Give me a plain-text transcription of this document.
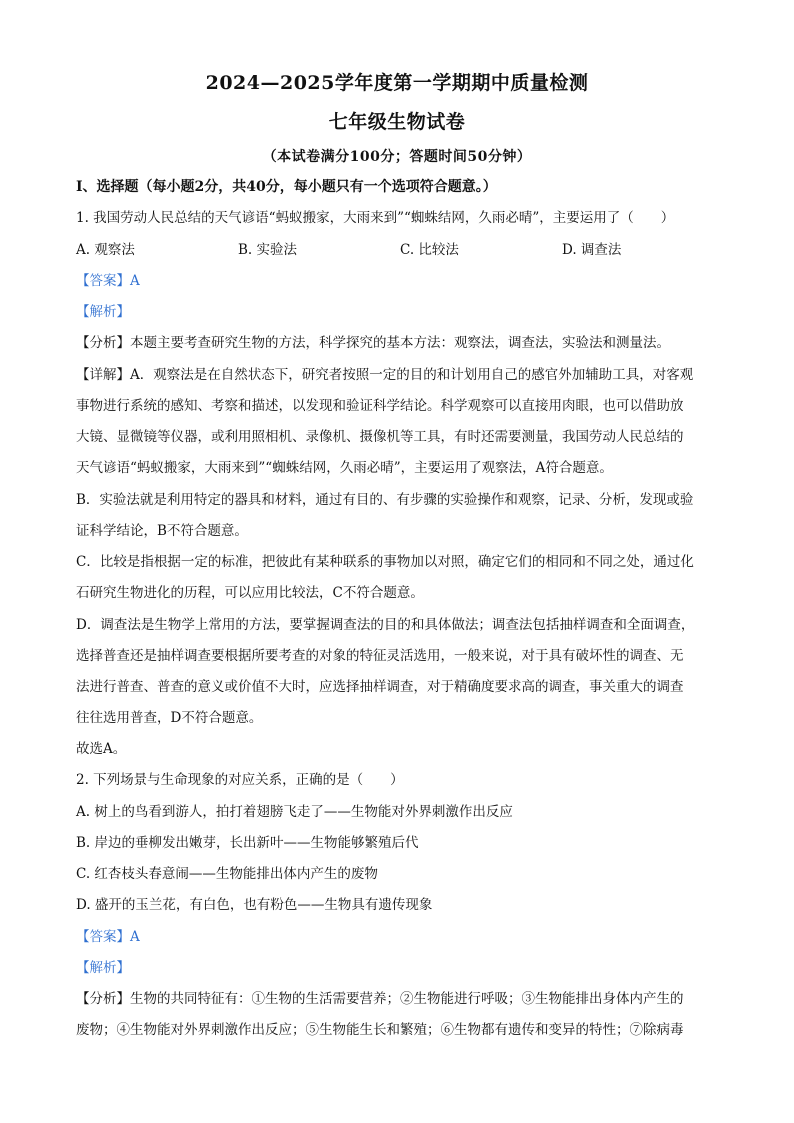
2024—2025学年度第一学期期中质量检测
七年级生物试卷
（本试卷满分100分；答题时间50分钟）
Ⅰ、选择题（每小题2分，共40分，每小题只有一个选项符合题意。）
1. 我国劳动人民总结的天气谚语“蚂蚁搬家，大雨来到”“蜘蛛结网，久雨必晴”，主要运用了（　　）
A. 观察法	B. 实验法	C. 比较法	D. 调查法
【答案】A
【解析】
【分析】本题主要考查研究生物的方法，科学探究的基本方法：观察法，调查法，实验法和测量法。
【详解】A．观察法是在自然状态下，研究者按照一定的目的和计划用自己的感官外加辅助工具，对客观
事物进行系统的感知、考察和描述，以发现和验证科学结论。科学观察可以直接用肉眼，也可以借助放
大镜、显微镜等仪器，或利用照相机、录像机、摄像机等工具，有时还需要测量，我国劳动人民总结的
天气谚语“蚂蚁搬家，大雨来到”“蜘蛛结网，久雨必晴”，主要运用了观察法，A符合题意。
B．实验法就是利用特定的器具和材料，通过有目的、有步骤的实验操作和观察，记录、分析，发现或验
证科学结论，B不符合题意。
C．比较是指根据一定的标准，把彼此有某种联系的事物加以对照，确定它们的相同和不同之处，通过化
石研究生物进化的历程，可以应用比较法，C不符合题意。
D．调查法是生物学上常用的方法，要掌握调查法的目的和具体做法；调查法包括抽样调查和全面调查，
选择普查还是抽样调查要根据所要考查的对象的特征灵活选用，一般来说，对于具有破坏性的调查、无
法进行普查、普查的意义或价值不大时，应选择抽样调查，对于精确度要求高的调查，事关重大的调查
往往选用普查，D不符合题意。
故选A。
2. 下列场景与生命现象的对应关系，正确的是（　　）
A. 树上的鸟看到游人，拍打着翅膀飞走了——生物能对外界刺激作出反应
B. 岸边的垂柳发出嫩芽，长出新叶——生物能够繁殖后代
C. 红杏枝头春意闹——生物能排出体内产生的废物
D. 盛开的玉兰花，有白色，也有粉色——生物具有遗传现象
【答案】A
【解析】
【分析】生物的共同特征有：①生物的生活需要营养；②生物能进行呼吸；③生物能排出身体内产生的
废物；④生物能对外界刺激作出反应；⑤生物能生长和繁殖；⑥生物都有遗传和变异的特性；⑦除病毒
